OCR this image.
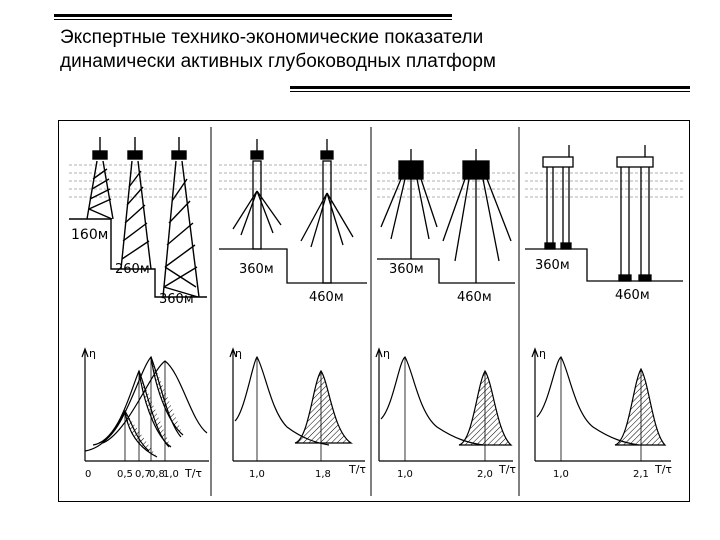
Экспертные технико-экономические показатели
динамически активных глубоководных платформ
160м
260м
360м
360м
460м
360м
460м
360м
460м
η
T/τ
0	0,5 0,7
0,8
1,0
η
T/τ
1,0	1,8
η
T/τ
1,0	2,0
η
T/τ
1,0	2,1
